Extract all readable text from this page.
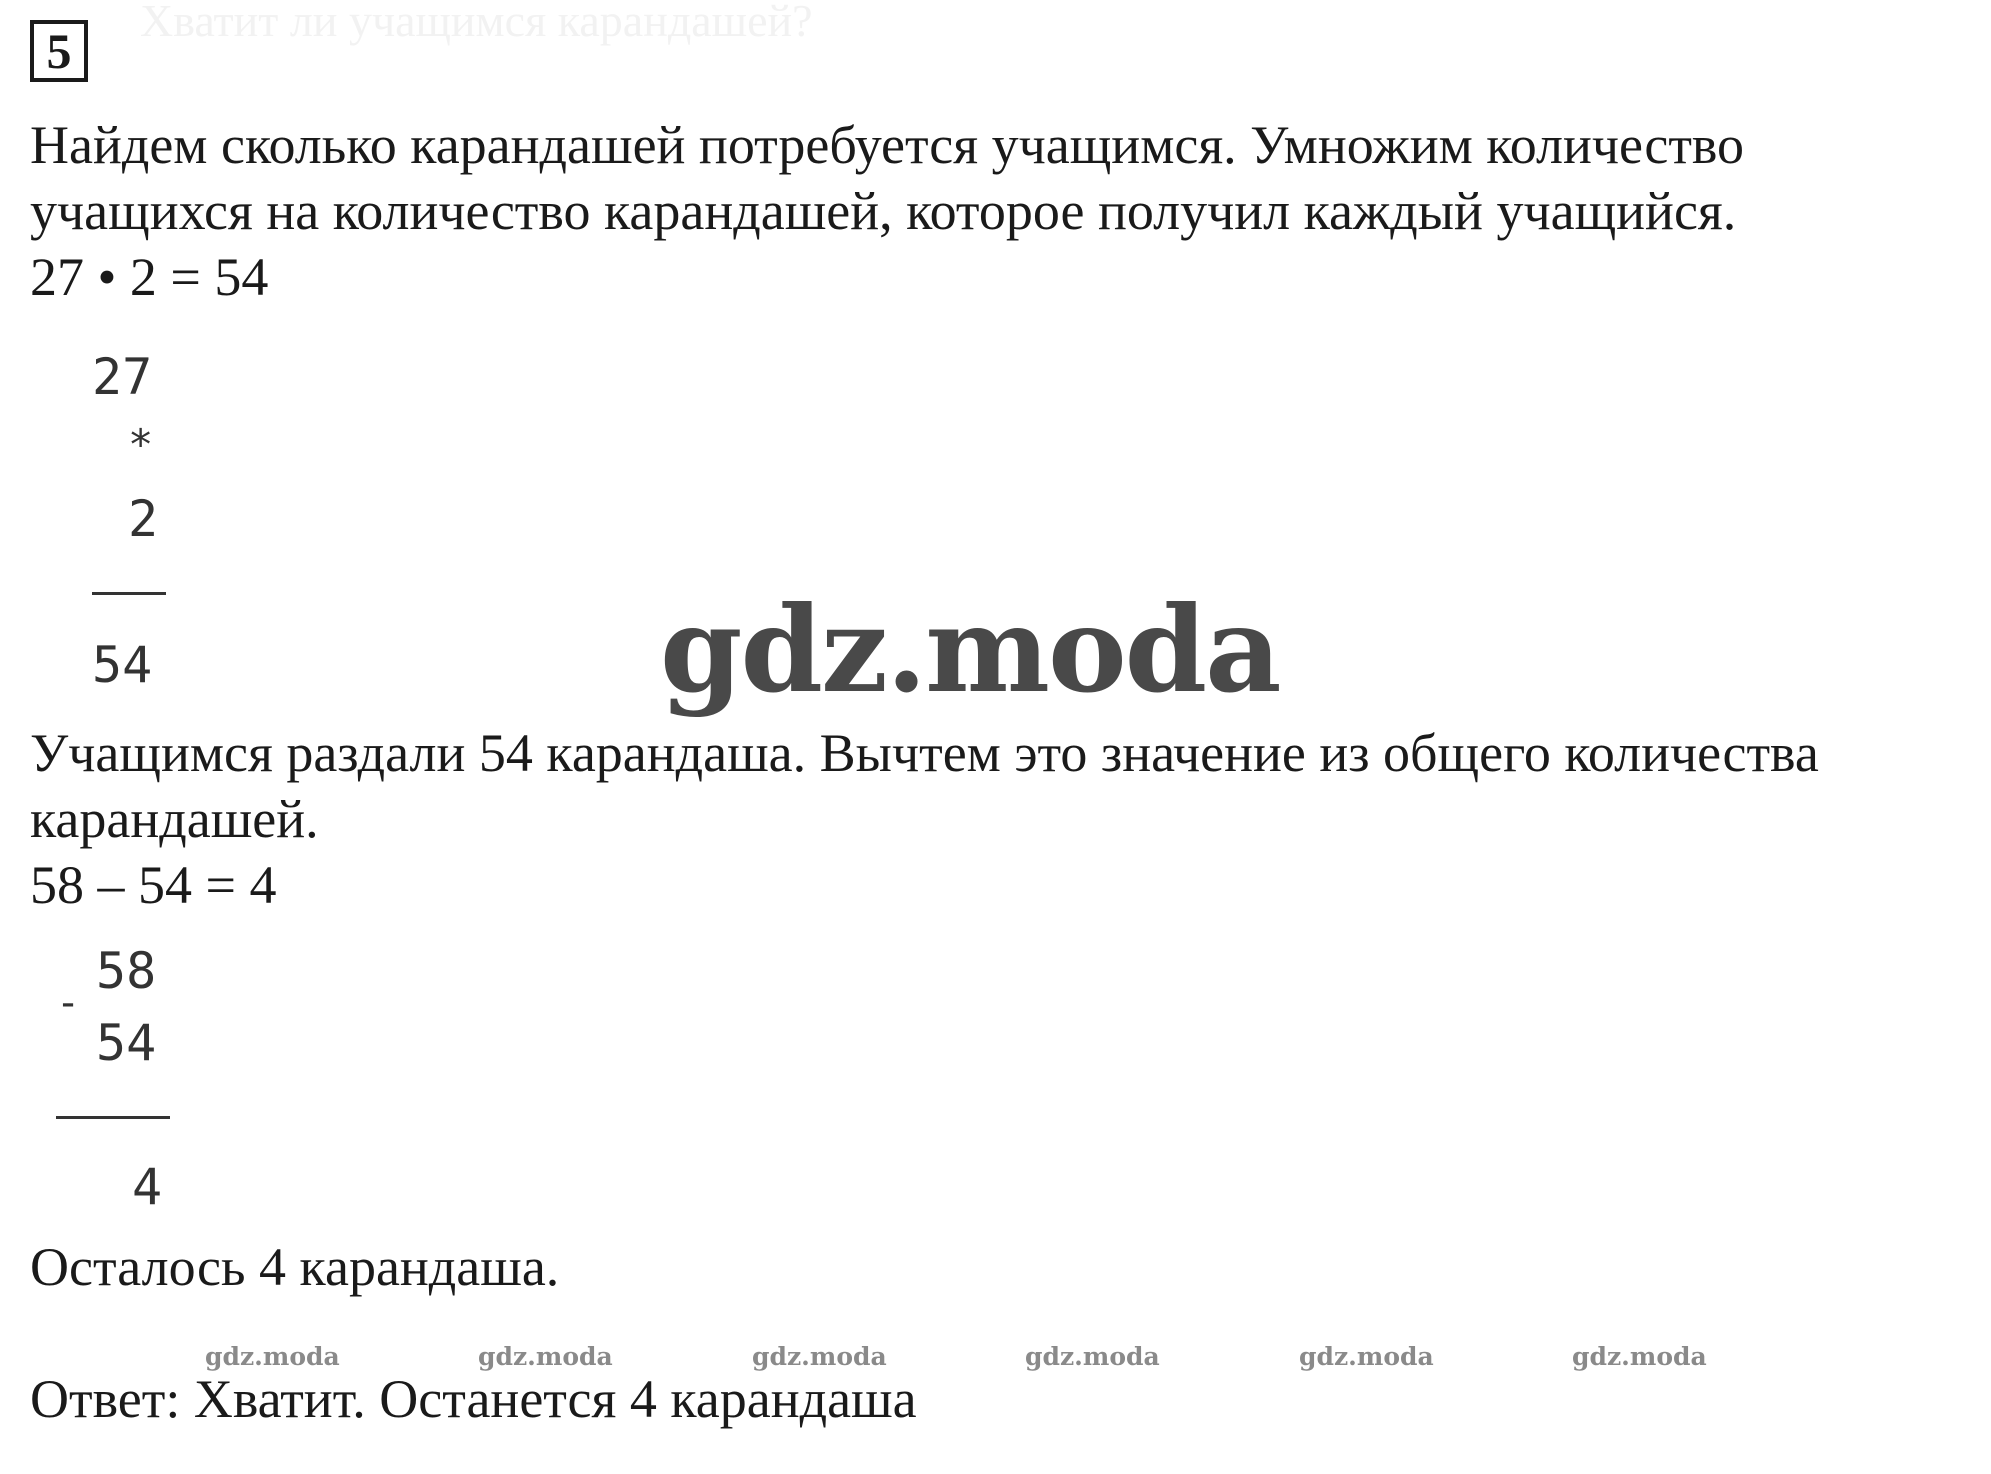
Хватит ли учащимся карандашей?
5
Найдем сколько карандашей потребуется учащимся. Умножим количество
учащихся на количество карандашей, которое получил каждый учащийся.
27 • 2 = 54
27
*
2
54	gdz.moda
Учащимся раздали 54 карандаша. Вычтем это значение из общего количества
карандашей.
58 – 54 = 4
58
-
54
4
Осталось 4 карандаша.
gdz.moda	gdz.moda	gdz.moda	gdz.moda	gdz.moda	gdz.moda
Ответ: Хватит. Останется 4 карандаша
